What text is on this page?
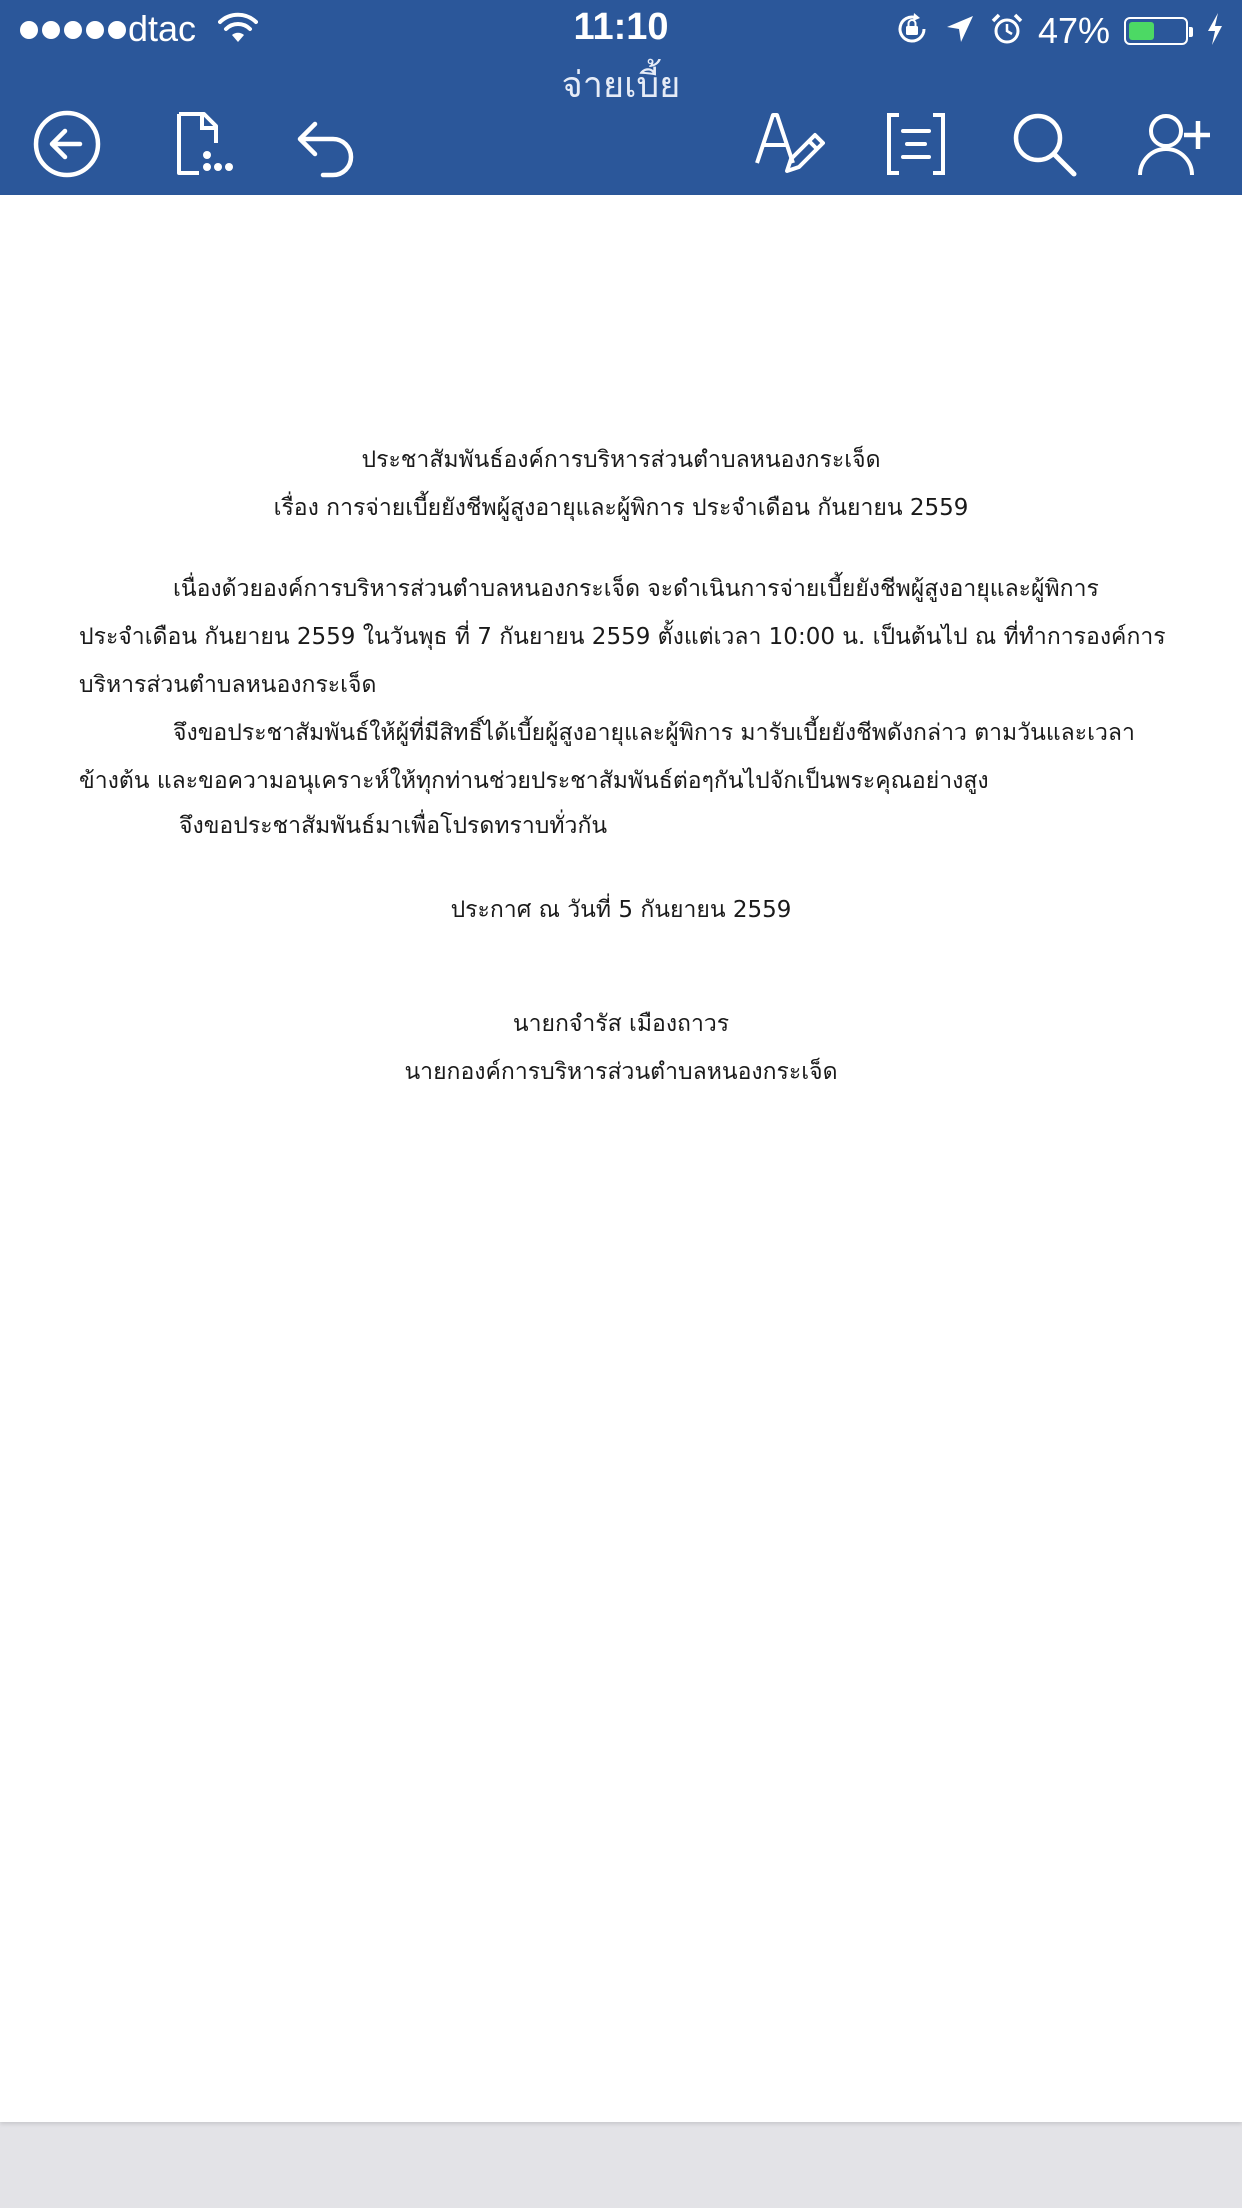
dtac	11:10	47%
จ่ายเบี้ย
ประชาสัมพันธ์องค์การบริหารส่วนตำบลหนองกระเจ็ด
เรื่อง การจ่ายเบี้ยยังชีพผู้สูงอายุและผู้พิการ ประจำเดือน กันยายน 2559
เนื่องด้วยองค์การบริหารส่วนตำบลหนองกระเจ็ด จะดำเนินการจ่ายเบี้ยยังชีพผู้สูงอายุและผู้พิการ
ประจำเดือน กันยายน 2559 ในวันพุธ ที่ 7 กันยายน 2559 ตั้งแต่เวลา 10:00 น. เป็นต้นไป ณ ที่ทำการองค์การ
บริหารส่วนตำบลหนองกระเจ็ด
จึงขอประชาสัมพันธ์ให้ผู้ที่มีสิทธิ์ได้เบี้ยผู้สูงอายุและผู้พิการ มารับเบี้ยยังชีพดังกล่าว ตามวันและเวลา
ข้างต้น และขอความอนุเคราะห์ให้ทุกท่านช่วยประชาสัมพันธ์ต่อๆกันไปจักเป็นพระคุณอย่างสูง
จึงขอประชาสัมพันธ์มาเพื่อโปรดทราบทั่วกัน
ประกาศ ณ วันที่ 5 กันยายน 2559
นายกจำรัส เมืองถาวร
นายกองค์การบริหารส่วนตำบลหนองกระเจ็ด
